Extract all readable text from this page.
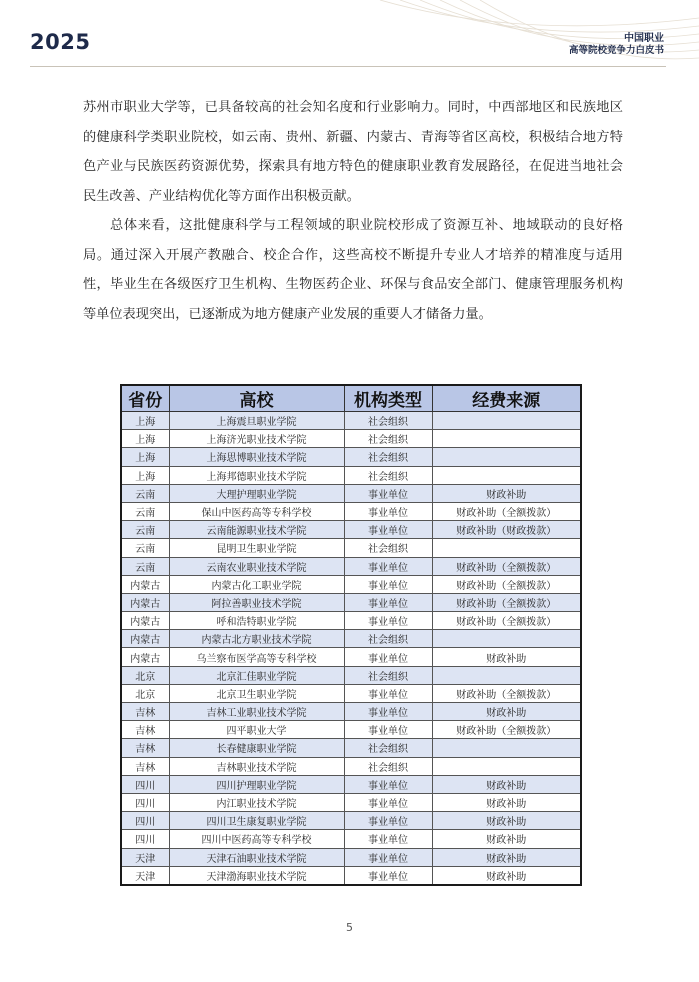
2025	中国职业
高等院校竞争力白皮书

苏州市职业大学等，已具备较高的社会知名度和行业影响力。同时，中西部地区和民族地区的健康科学类职业院校，如云南、贵州、新疆、内蒙古、青海等省区高校，积极结合地方特色产业与民族医药资源优势，探索具有地方特色的健康职业教育发展路径，在促进当地社会民生改善、产业结构优化等方面作出积极贡献。

总体来看，这批健康科学与工程领域的职业院校形成了资源互补、地域联动的良好格局。通过深入开展产教融合、校企合作，这些高校不断提升专业人才培养的精准度与适用性，毕业生在各级医疗卫生机构、生物医药企业、环保与食品安全部门、健康管理服务机构等单位表现突出，已逐渐成为地方健康产业发展的重要人才储备力量。

省份	高校	机构类型	经费来源
上海	上海震旦职业学院	社会组织	
上海	上海济光职业技术学院	社会组织	
上海	上海思博职业技术学院	社会组织	
上海	上海邦德职业技术学院	社会组织	
云南	大理护理职业学院	事业单位	财政补助
云南	保山中医药高等专科学校	事业单位	财政补助（全额拨款）
云南	云南能源职业技术学院	事业单位	财政补助（财政拨款）
云南	昆明卫生职业学院	社会组织	
云南	云南农业职业技术学院	事业单位	财政补助（全额拨款）
内蒙古	内蒙古化工职业学院	事业单位	财政补助（全额拨款）
内蒙古	阿拉善职业技术学院	事业单位	财政补助（全额拨款）
内蒙古	呼和浩特职业学院	事业单位	财政补助（全额拨款）
内蒙古	内蒙古北方职业技术学院	社会组织	
内蒙古	乌兰察布医学高等专科学校	事业单位	财政补助
北京	北京汇佳职业学院	社会组织	
北京	北京卫生职业学院	事业单位	财政补助（全额拨款）
吉林	吉林工业职业技术学院	事业单位	财政补助
吉林	四平职业大学	事业单位	财政补助（全额拨款）
吉林	长春健康职业学院	社会组织	
吉林	吉林职业技术学院	社会组织	
四川	四川护理职业学院	事业单位	财政补助
四川	内江职业技术学院	事业单位	财政补助
四川	四川卫生康复职业学院	事业单位	财政补助
四川	四川中医药高等专科学校	事业单位	财政补助
天津	天津石油职业技术学院	事业单位	财政补助
天津	天津渤海职业技术学院	事业单位	财政补助
5
